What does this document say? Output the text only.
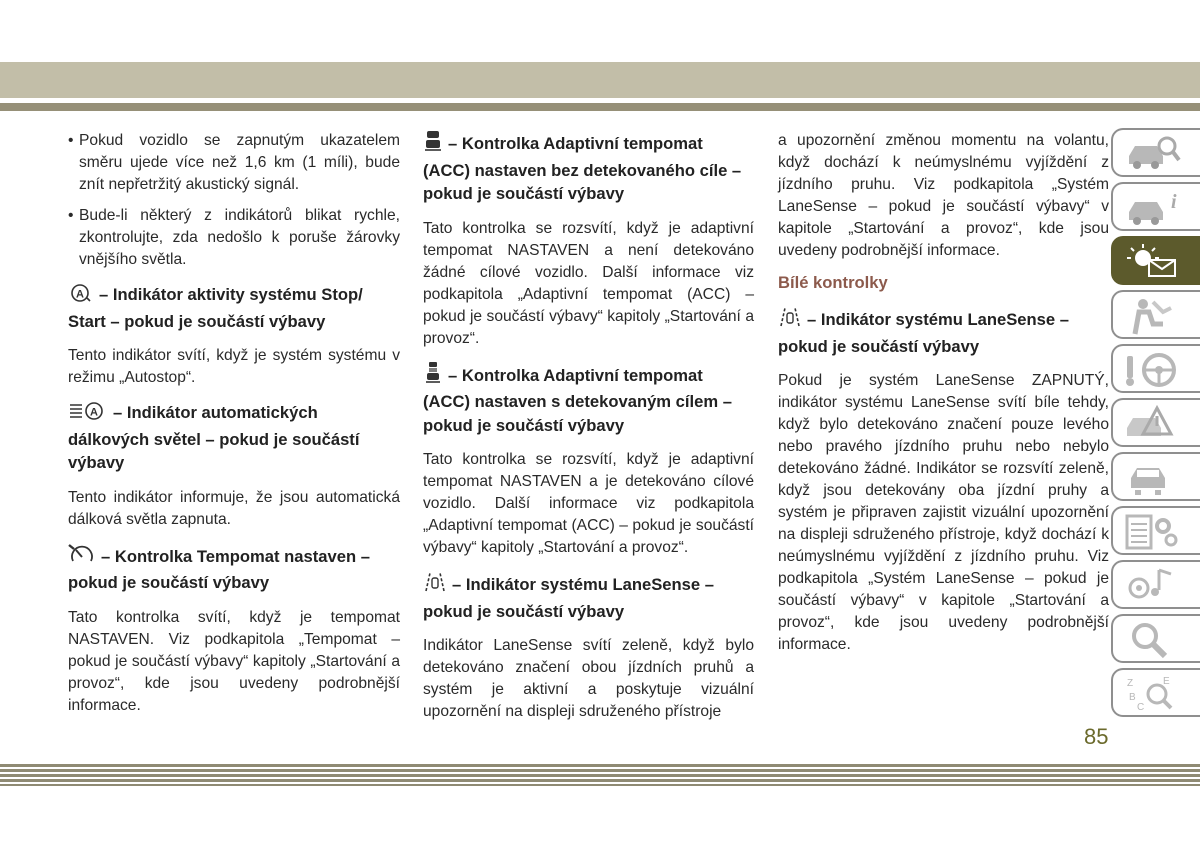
• Pokud vozidlo se zapnutým ukazatelem směru ujede více než 1,6 km (1 míli), bude znít nepřetržitý akustický signál.
• Bude-li některý z indikátorů blikat rychle, zkontrolujte, zda nedošlo k poruše žárovky vnějšího světla.
A – Indikátor aktivity systému Stop/ Start – pokud je součástí výbavy

Tento indikátor svítí, když je systém systému v režimu „Autostop“.

A – Indikátor automatických dálkových světel – pokud je součástí výbavy

Tento indikátor informuje, že jsou automatická dálková světla zapnuta.

– Kontrolka Tempomat nastaven – pokud je součástí výbavy

Tato kontrolka svítí, když je tempomat NASTAVEN. Viz podkapitola „Tempomat – pokud je součástí výbavy“ kapitoly „Startování a provoz“, kde jsou uvedeny podrobnější informace.

– Kontrolka Adaptivní tempomat (ACC) nastaven bez detekovaného cíle – pokud je součástí výbavy

Tato kontrolka se rozsvítí, když je adaptivní tempomat NASTAVEN a není detekováno žádné cílové vozidlo. Další informace viz podkapitola „Adaptivní tempomat (ACC) – pokud je součástí výbavy“ kapitoly „Startování a provoz“.

– Kontrolka Adaptivní tempomat (ACC) nastaven s detekovaným cílem – pokud je součástí výbavy

Tato kontrolka se rozsvítí, když je adaptivní tempomat NASTAVEN a je detekováno cílové vozidlo. Další informace viz podkapitola „Adaptivní tempomat (ACC) – pokud je součástí výbavy“ kapitoly „Startování a provoz“.

– Indikátor systému LaneSense – pokud je součástí výbavy

Indikátor LaneSense svítí zeleně, když bylo detekováno značení obou jízdních pruhů a systém je aktivní a poskytuje vizuální upozornění na displeji sdruženého přístroje

a upozornění změnou momentu na volantu, když dochází k neúmyslnému vyjíždění z jízdního pruhu. Viz podkapitola „Systém LaneSense – pokud je součástí výbavy“ v kapitole „Startování a provoz“, kde jsou uvedeny podrobnější informace.

Bílé kontrolky
– Indikátor systému LaneSense – pokud je součástí výbavy

Pokud je systém LaneSense ZAPNUTÝ, indikátor systému LaneSense svítí bíle tehdy, když bylo detekováno značení pouze levého nebo pravého jízdního pruhu nebo nebylo detekováno žádné. Indikátor se rozsvítí zeleně, když jsou detekovány oba jízdní pruhy a systém je připraven zajistit vizuální upozornění na displeji sdruženého přístroje, když dochází k neúmyslnému vyjíždění z jízdního pruhu. Viz podkapitola „Systém LaneSense – pokud je součástí výbavy“ v kapitole „Startování a provoz“, kde jsou uvedeny podrobnější informace.

i
Z	E
B
C
85
